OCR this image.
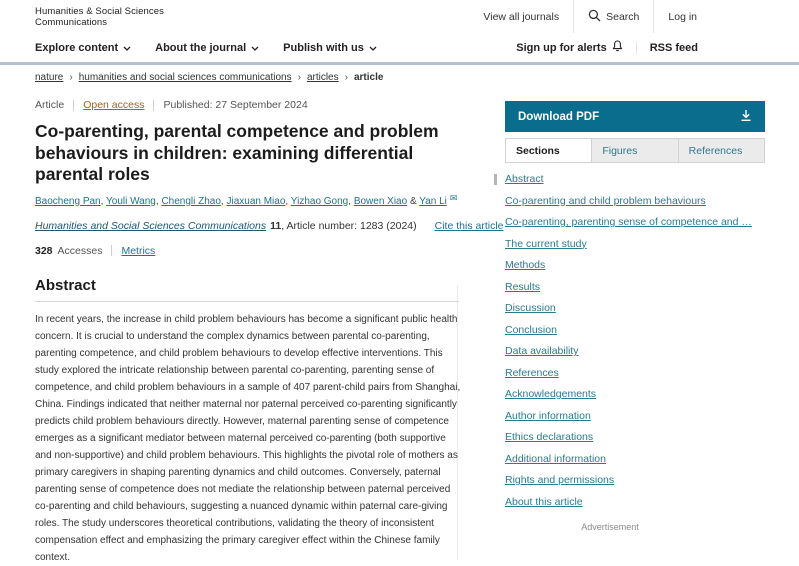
Humanities & Social Sciences
Communications	View all journals	Search	Log in
Explore content	About the journal	Publish with us	Sign up for alerts	RSS feed
nature › humanities and social sciences communications › articles › article
Article Open access Published: 27 September 2024
Co-parenting, parental competence and problem behaviours in children: examining differential parental roles
Baocheng Pan, Youli Wang, Chengli Zhao, Jiaxuan Miao, Yizhao Gong, Bowen Xiao & Yan Li ✉
Humanities and Social Sciences Communications 11 , Article number: 1283 (2024) Cite this article
328 Accesses Metrics
Abstract

In recent years, the increase in child problem behaviours has become a significant public health concern. It is crucial to understand the complex dynamics between parental co-parenting, parenting competence, and child problem behaviours to develop effective interventions. This study explored the intricate relationship between parental co-parenting, parenting sense of competence, and child problem behaviours in a sample of 407 parent-child pairs from Shanghai, China. Findings indicated that neither maternal nor paternal perceived co-parenting significantly predicts child problem behaviours directly. However, maternal parenting sense of competence emerges as a significant mediator between maternal perceived co-parenting (both supportive and non-supportive) and child problem behaviours. This highlights the pivotal role of mothers as primary caregivers in shaping parenting dynamics and child outcomes. Conversely, paternal parenting sense of competence does not mediate the relationship between paternal perceived co-parenting and child behaviours, suggesting a nuanced dynamic within paternal care-giving roles. The study underscores theoretical contributions, validating the theory of inconsistent compensation effect and emphasizing the primary caregiver effect within the Chinese family context.

Download PDF
Sections	Figures	References
Abstract
Co-parenting and child problem behaviours
Co-parenting, parenting sense of competence and …
The current study
Methods
Results
Discussion
Conclusion
Data availability
References
Acknowledgements
Author information
Ethics declarations
Additional information
Rights and permissions
About this article
Advertisement
